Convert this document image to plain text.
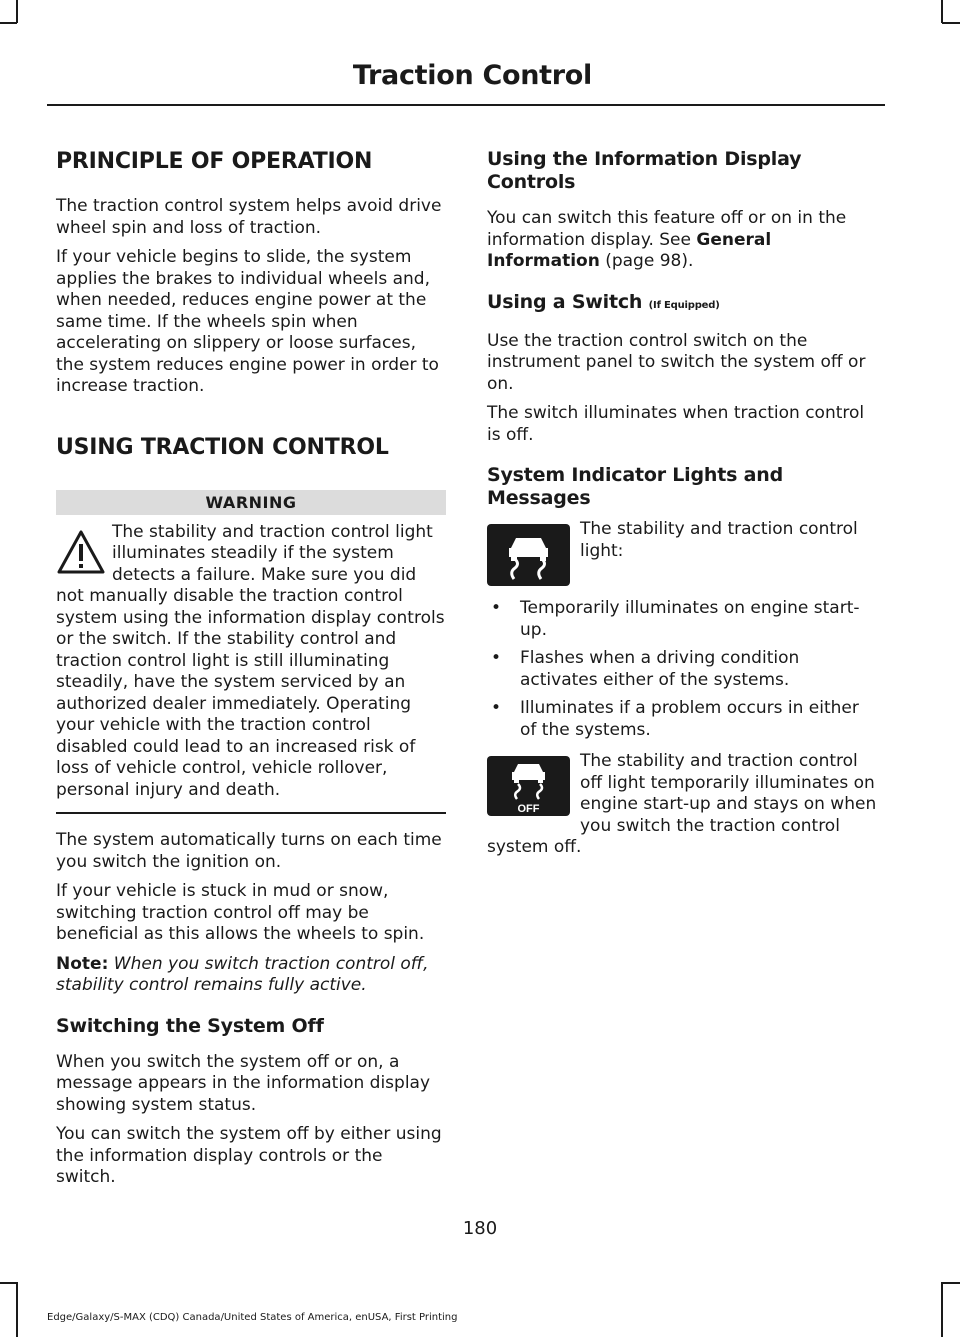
Traction Control
PRINCIPLE OF OPERATION

The traction control system helps avoid drive wheel spin and loss of traction.

If your vehicle begins to slide, the system applies the brakes to individual wheels and, when needed, reduces engine power at the same time. If the wheels spin when accelerating on slippery or loose surfaces, the system reduces engine power in order to increase traction.

USING TRACTION CONTROL
WARNING

The stability and traction control light illuminates steadily if the system detects a failure. Make sure you did not manually disable the traction control system using the information display controls or the switch. If the stability control and traction control light is still illuminating steadily, have the system serviced by an authorized dealer immediately. Operating your vehicle with the traction control disabled could lead to an increased risk of loss of vehicle control, vehicle rollover, personal injury and death.

The system automatically turns on each time you switch the ignition on.

If your vehicle is stuck in mud or snow, switching traction control off may be beneficial as this allows the wheels to spin.

Note: When you switch traction control off, stability control remains fully active.

Switching the System Off

When you switch the system off or on, a message appears in the information display showing system status.

You can switch the system off by either using the information display controls or the switch.

Using the Information Display Controls

You can switch this feature off or on in the information display. See General Information (page 98).

Using a Switch (If Equipped)

Use the traction control switch on the instrument panel to switch the system off or on.

The switch illuminates when traction control is off.

System Indicator Lights and Messages

The stability and traction control light:

• Temporarily illuminates on engine start-up.
• Flashes when a driving condition activates either of the systems.
• Illuminates if a problem occurs in either of the systems.
OFF

The stability and traction control off light temporarily illuminates on engine start-up and stays on when you switch the traction control system off.

180
Edge/Galaxy/S-MAX (CDQ) Canada/United States of America, enUSA, First Printing
